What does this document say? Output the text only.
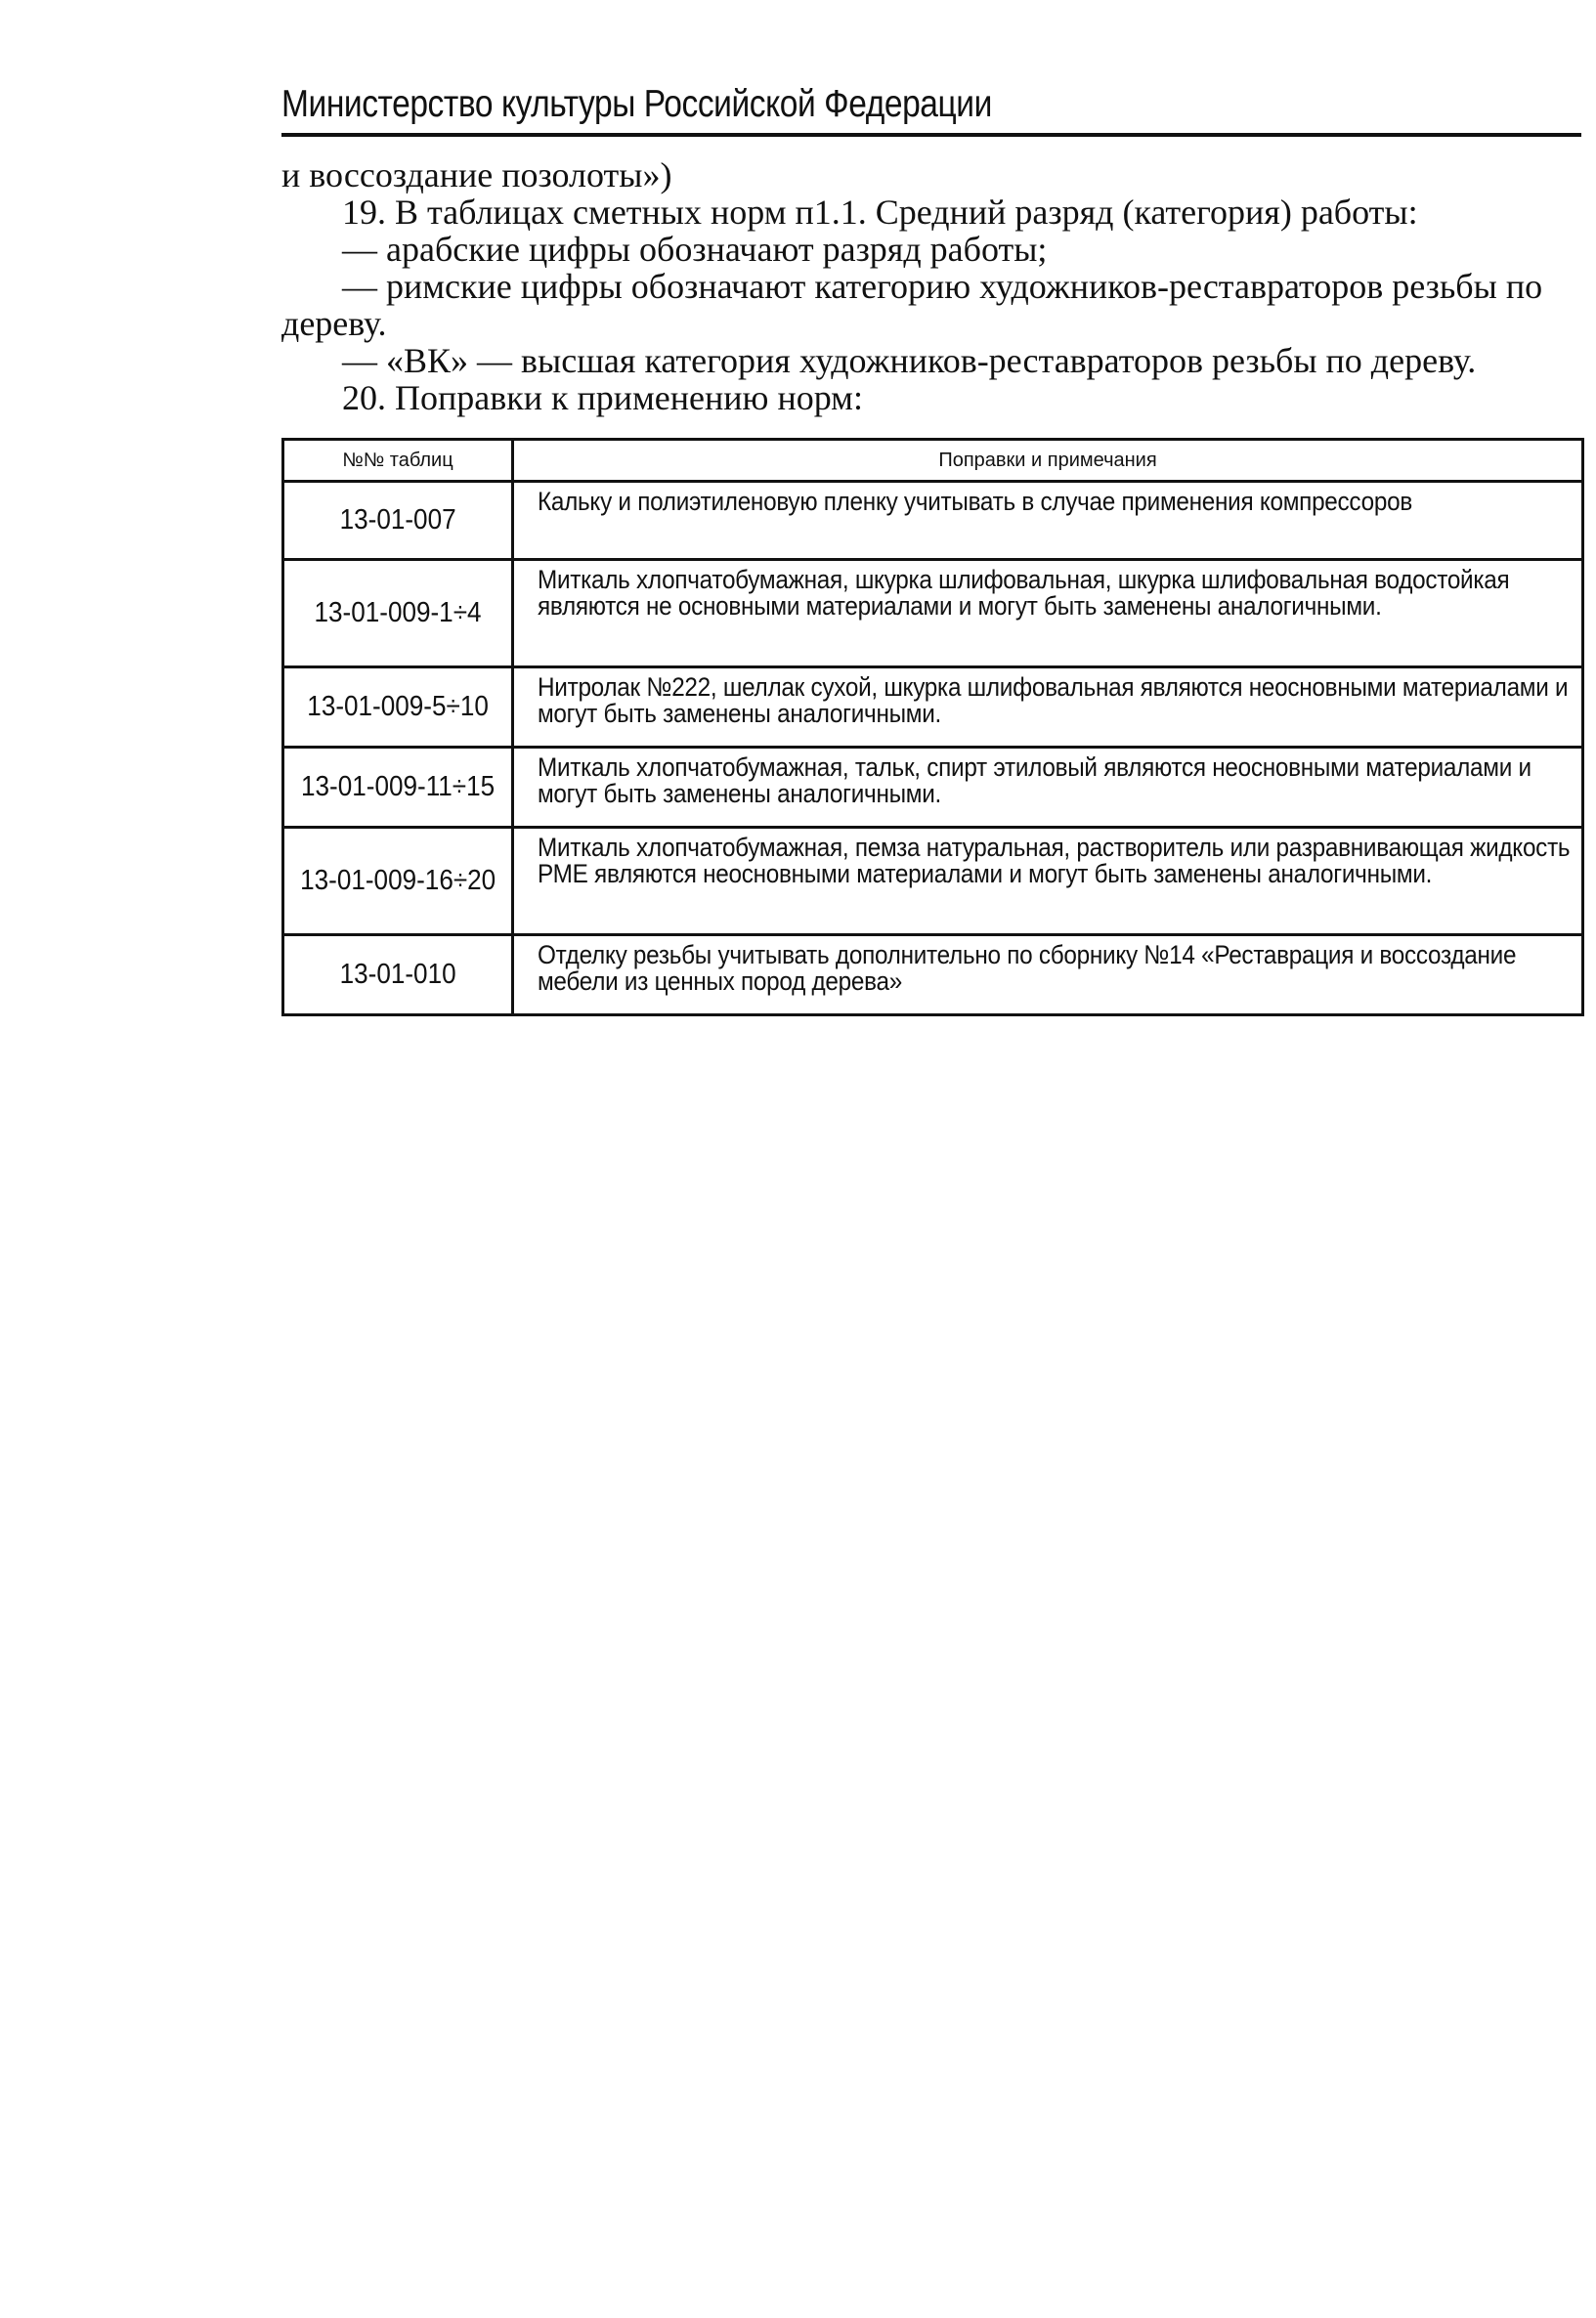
Министерство культуры Российской Федерации

и воссоздание позолоты»)

19. В таблицах сметных норм п1.1. Средний разряд (категория) работы:

— арабские цифры обозначают разряд работы;

— римские цифры обозначают категорию художников-реставраторов резьбы по дереву.

— «ВК» — высшая категория художников-реставраторов резьбы по дереву.

20. Поправки к применению норм:

№№ таблиц	Поправки и примечания
13-01-007	Кальку и полиэтиленовую пленку учитывать в случае применения компрессоров
13-01-009-1÷4	Миткаль хлопчатобумажная, шкурка шлифовальная, шкурка шлифовальная водостойкая являются не основными материалами и могут быть заменены аналогичными.
13-01-009-5÷10	Нитролак №222, шеллак сухой, шкурка шлифовальная являются неосновными материалами и могут быть заменены аналогичными.
13-01-009-11÷15	Миткаль хлопчатобумажная, тальк, спирт этиловый являются неосновными материалами и могут быть заменены аналогичными.
13-01-009-16÷20	Миткаль хлопчатобумажная, пемза натуральная, растворитель или разравнивающая жидкость РМЕ являются неосновными материалами и могут быть заменены аналогичными.
13-01-010	Отделку резьбы учитывать дополнительно по сборнику №14 «Реставрация и воссоздание мебели из ценных пород дерева»
